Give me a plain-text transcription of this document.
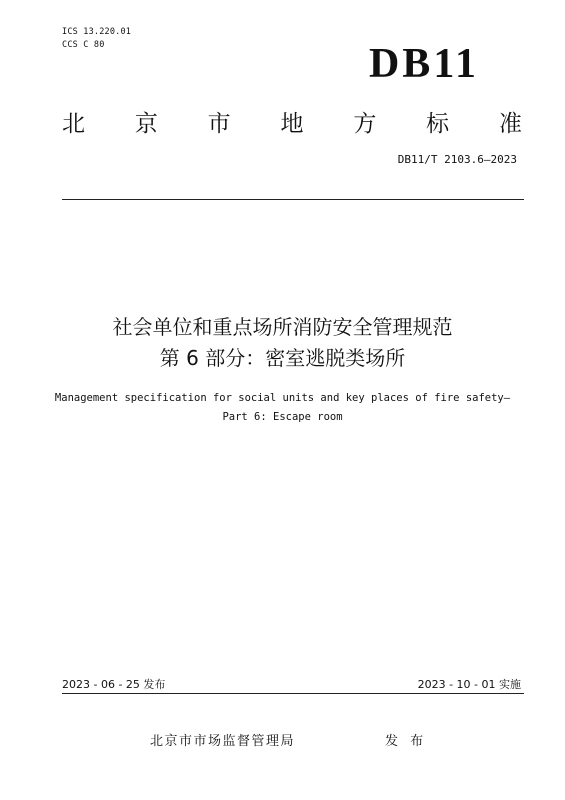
ICS 13.220.01
CCS C 80	DB11
北 京 市 地 方 标 准
DB11/T 2103.6—2023
社会单位和重点场所消防安全管理规范
第 6 部分：密室逃脱类场所
Management specification for social units and key places of fire safety—
Part 6: Escape room
2023 - 06 - 25 发布	2023 - 10 - 01 实施
北京市市场监督管理局	发 布
